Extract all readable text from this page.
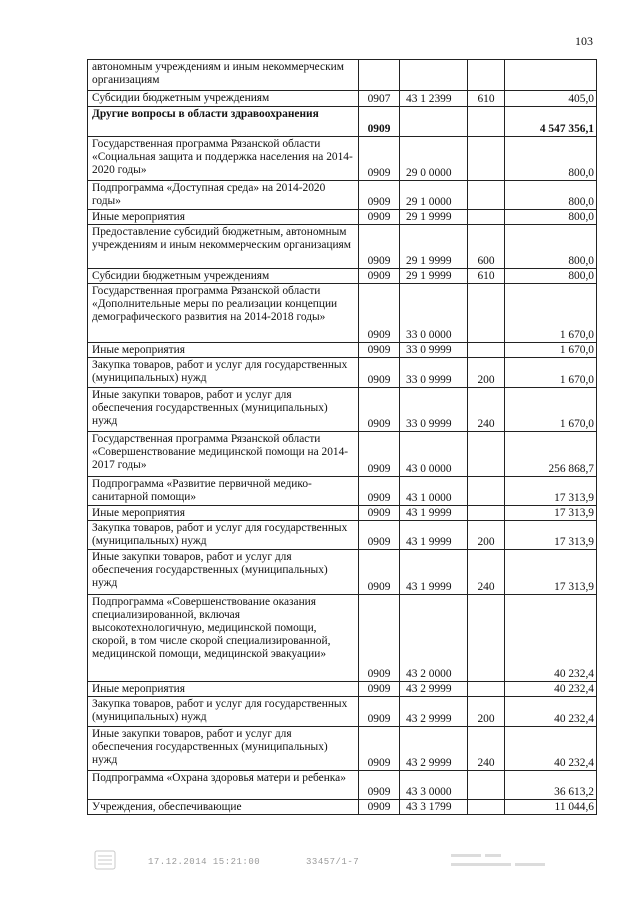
103
автономным учреждениям и иным некоммерческим организациям				
Субсидии бюджетным учреждениям	0907	43 1 2399	610	405,0
Другие вопросы в области здравоохранения	0909			4 547 356,1
Государственная программа Рязанской области «Социальная защита и поддержка населения на 2014-2020 годы»	0909	29 0 0000		800,0
Подпрограмма «Доступная среда» на 2014-2020 годы»	0909	29 1 0000		800,0
Иные мероприятия	0909	29 1 9999		800,0
Предоставление субсидий бюджетным, автономным учреждениям и иным некоммерческим организациям	0909	29 1 9999	600	800,0
Субсидии бюджетным учреждениям	0909	29 1 9999	610	800,0
Государственная программа Рязанской области «Дополнительные меры по реализации концепции демографического развития на 2014-2018 годы»	0909	33 0 0000		1 670,0
Иные мероприятия	0909	33 0 9999		1 670,0
Закупка товаров, работ и услуг для государственных (муниципальных) нужд	0909	33 0 9999	200	1 670,0
Иные закупки товаров, работ и услуг для обеспечения государственных (муниципальных) нужд	0909	33 0 9999	240	1 670,0
Государственная программа Рязанской области «Совершенствование медицинской помощи на 2014-2017 годы»	0909	43 0 0000		256 868,7
Подпрограмма «Развитие первичной медико-санитарной помощи»	0909	43 1 0000		17 313,9
Иные мероприятия	0909	43 1 9999		17 313,9
Закупка товаров, работ и услуг для государственных (муниципальных) нужд	0909	43 1 9999	200	17 313,9
Иные закупки товаров, работ и услуг для обеспечения государственных (муниципальных) нужд	0909	43 1 9999	240	17 313,9
Подпрограмма «Совершенствование оказания специализированной, включая высокотехнологичную, медицинской помощи, скорой, в том числе скорой специализированной, медицинской помощи, медицинской эвакуации»	0909	43 2 0000		40 232,4
Иные мероприятия	0909	43 2 9999		40 232,4
Закупка товаров, работ и услуг для государственных (муниципальных) нужд	0909	43 2 9999	200	40 232,4
Иные закупки товаров, работ и услуг для обеспечения государственных (муниципальных) нужд	0909	43 2 9999	240	40 232,4
Подпрограмма «Охрана здоровья матери и ребенка»	0909	43 3 0000		36 613,2
Учреждения, обеспечивающие	0909	43 3 1799		11 044,6
17.12.2014 15:21:00	33457/1-7
